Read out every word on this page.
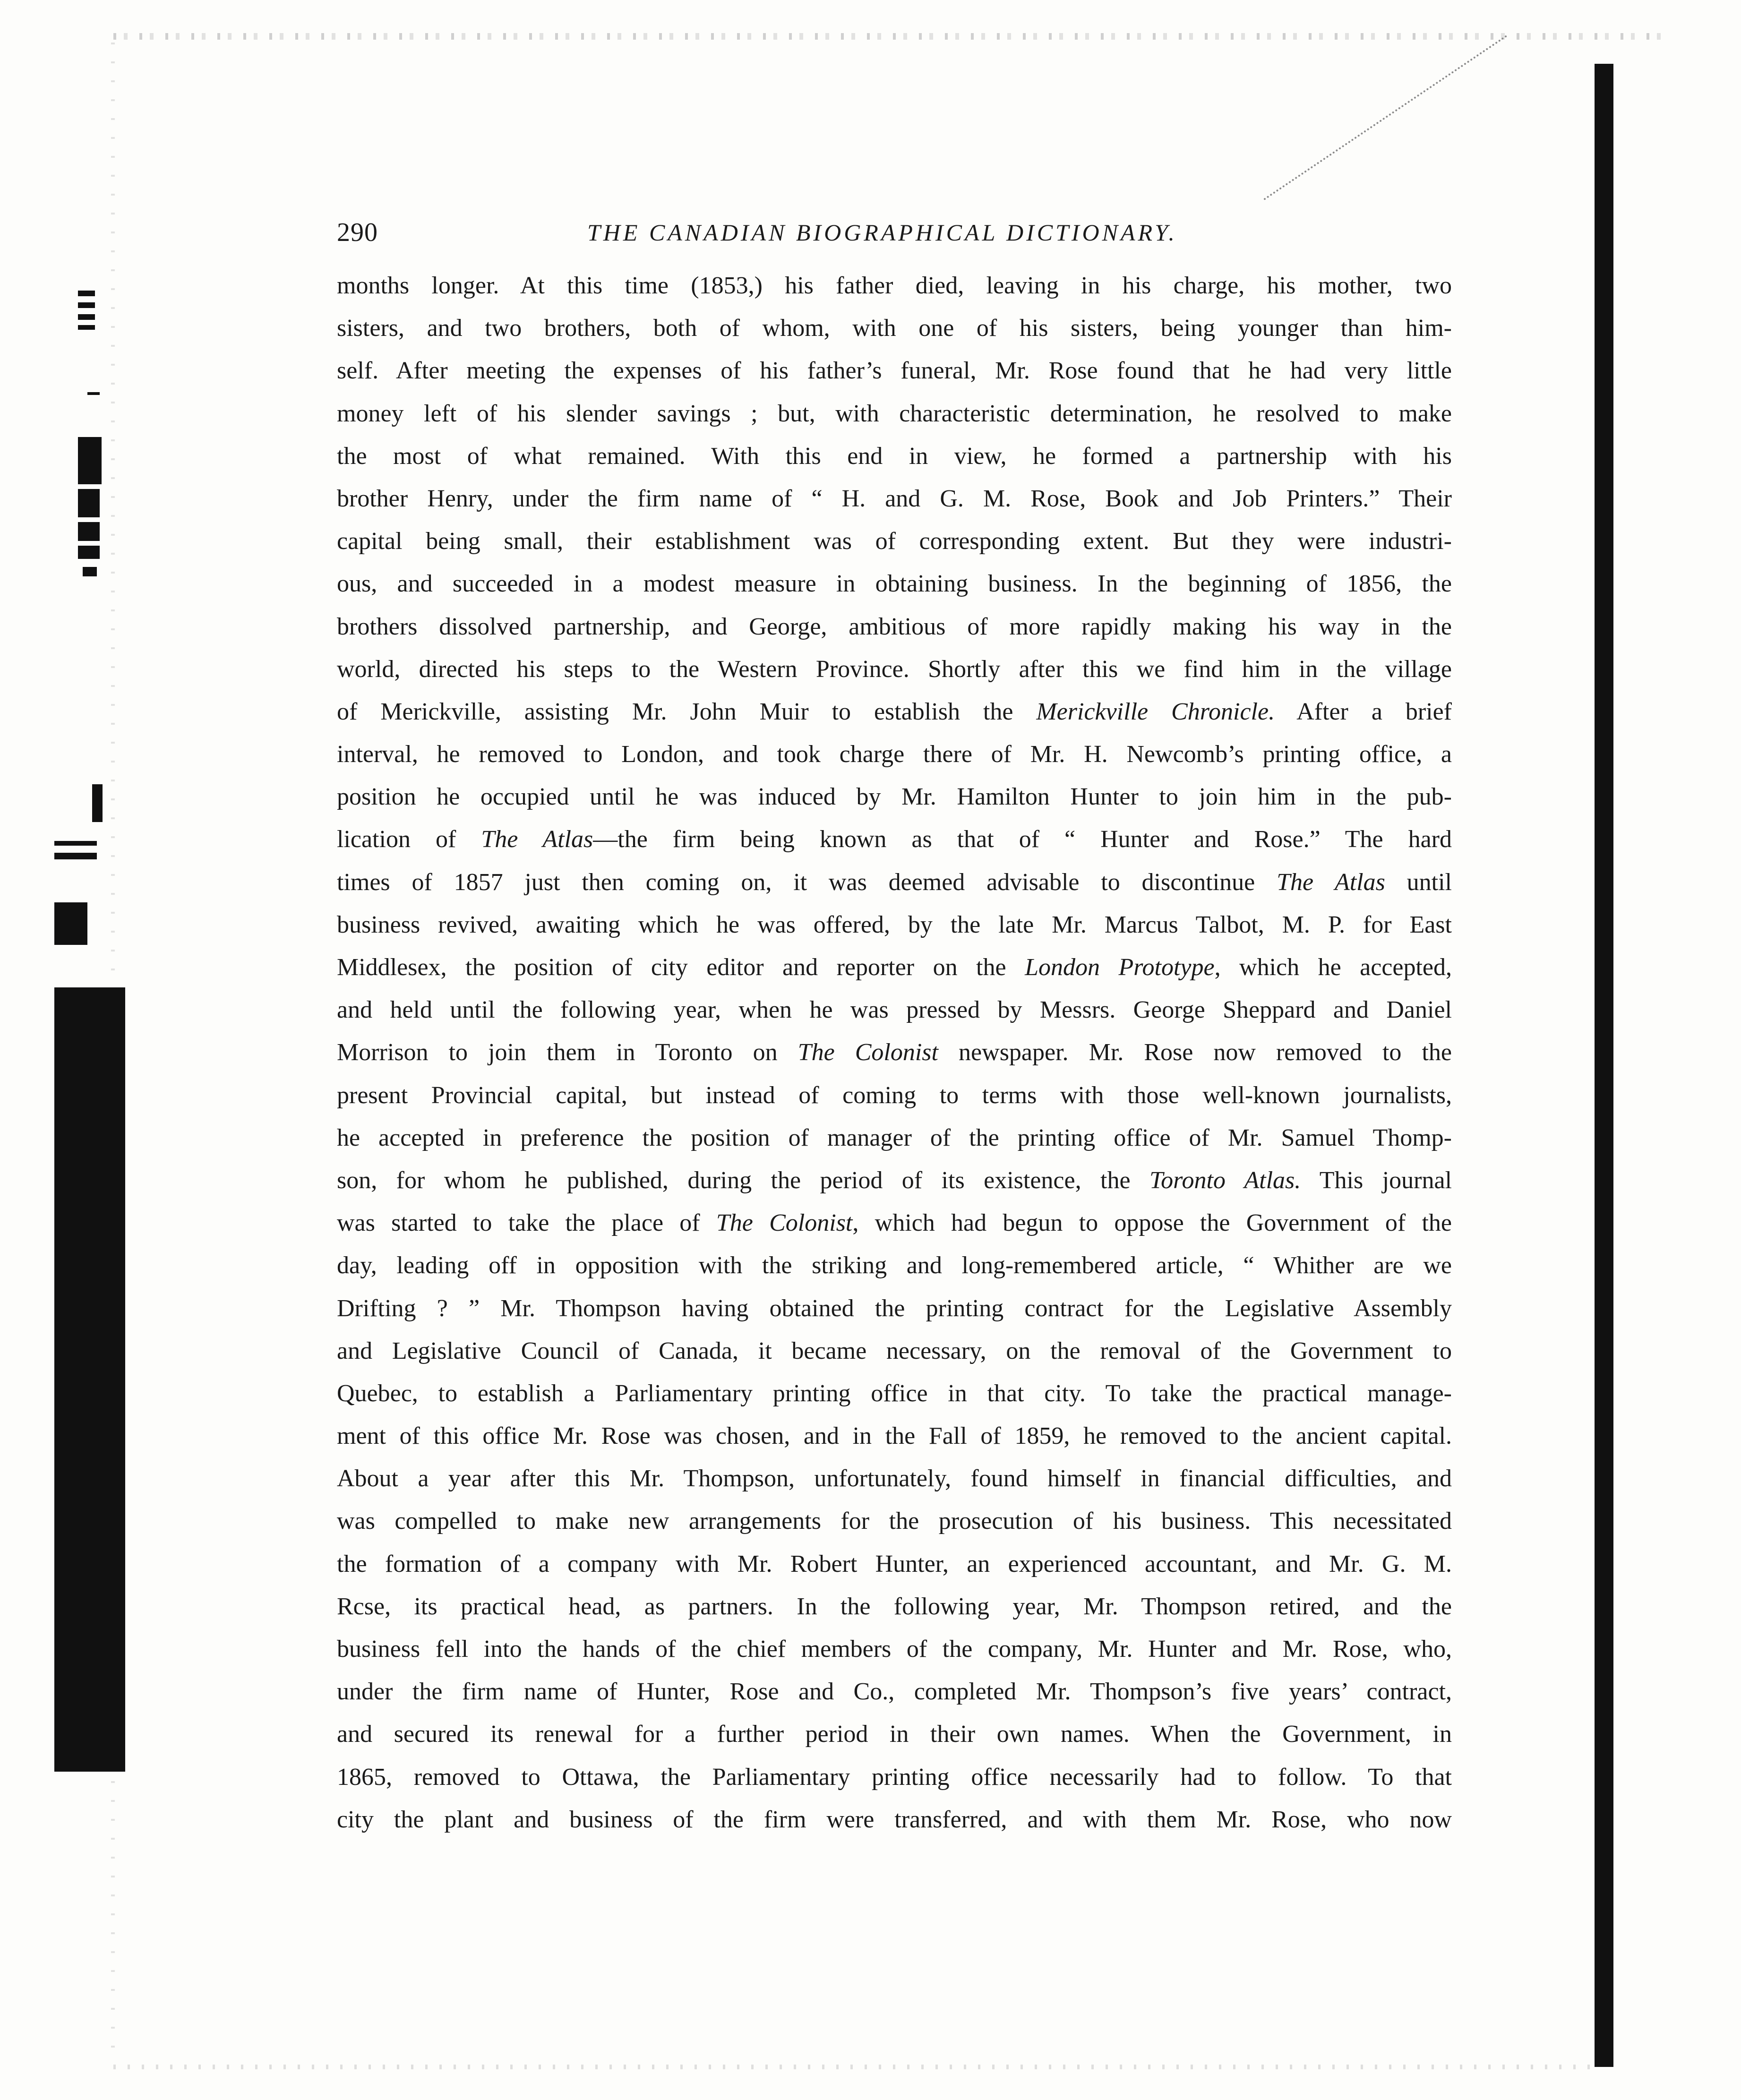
290	THE CANADIAN BIOGRAPHICAL DICTIONARY.
months longer. At this time (1853,) his father died, leaving in his charge, his mother, two
sisters, and two brothers, both of whom, with one of his sisters, being younger than him-
self. After meeting the expenses of his father’s funeral, Mr. Rose found that he had very little
money left of his slender savings ; but, with characteristic determination, he resolved to make
the most of what remained. With this end in view, he formed a partnership with his
brother Henry, under the firm name of “ H. and G. M. Rose, Book and Job Printers.” Their
capital being small, their establishment was of corresponding extent. But they were industri-
ous, and succeeded in a modest measure in obtaining business. In the beginning of 1856, the
brothers dissolved partnership, and George, ambitious of more rapidly making his way in the
world, directed his steps to the Western Province. Shortly after this we find him in the village
of Merickville, assisting Mr. John Muir to establish the Merickville Chronicle. After a brief
interval, he removed to London, and took charge there of Mr. H. Newcomb’s printing office, a
position he occupied until he was induced by Mr. Hamilton Hunter to join him in the pub-
lication of The Atlas—the firm being known as that of “ Hunter and Rose.” The hard
times of 1857 just then coming on, it was deemed advisable to discontinue The Atlas until
business revived, awaiting which he was offered, by the late Mr. Marcus Talbot, M. P. for East
Middlesex, the position of city editor and reporter on the London Prototype, which he accepted,
and held until the following year, when he was pressed by Messrs. George Sheppard and Daniel
Morrison to join them in Toronto on The Colonist newspaper. Mr. Rose now removed to the
present Provincial capital, but instead of coming to terms with those well-known journalists,
he accepted in preference the position of manager of the printing office of Mr. Samuel Thomp-
son, for whom he published, during the period of its existence, the Toronto Atlas. This journal
was started to take the place of The Colonist, which had begun to oppose the Government of the
day, leading off in opposition with the striking and long-remembered article, “ Whither are we
Drifting ? ” Mr. Thompson having obtained the printing contract for the Legislative Assembly
and Legislative Council of Canada, it became necessary, on the removal of the Government to
Quebec, to establish a Parliamentary printing office in that city. To take the practical manage-
ment of this office Mr. Rose was chosen, and in the Fall of 1859, he removed to the ancient capital.
About a year after this Mr. Thompson, unfortunately, found himself in financial difficulties, and
was compelled to make new arrangements for the prosecution of his business. This necessitated
the formation of a company with Mr. Robert Hunter, an experienced accountant, and Mr. G. M.
Rcse, its practical head, as partners. In the following year, Mr. Thompson retired, and the
business fell into the hands of the chief members of the company, Mr. Hunter and Mr. Rose, who,
under the firm name of Hunter, Rose and Co., completed Mr. Thompson’s five years’ contract,
and secured its renewal for a further period in their own names. When the Government, in
1865, removed to Ottawa, the Parliamentary printing office necessarily had to follow. To that
city the plant and business of the firm were transferred, and with them Mr. Rose, who now
